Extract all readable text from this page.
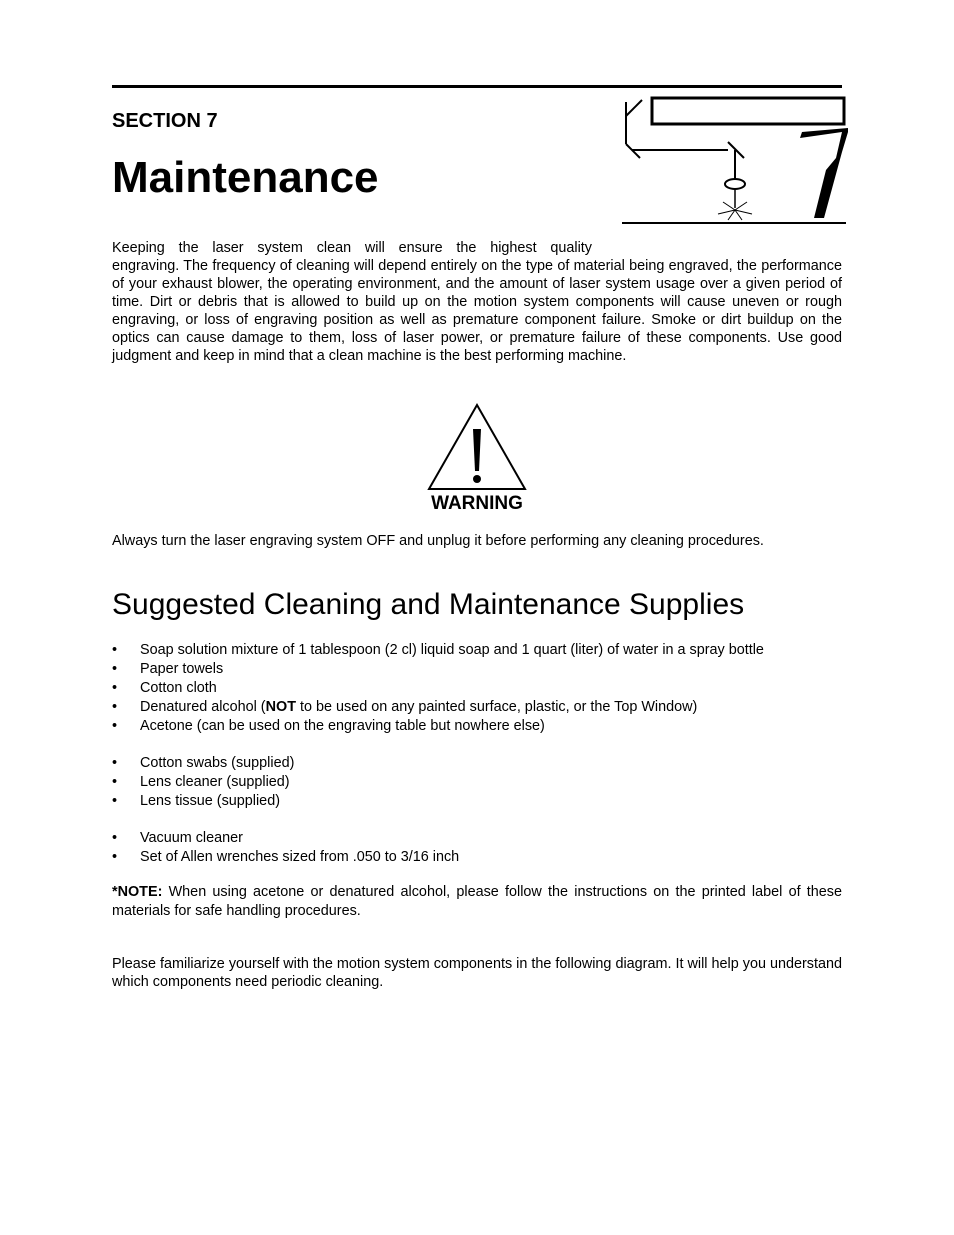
SECTION 7
Maintenance

Keeping the laser system clean will ensure the highest quality

engraving. The frequency of cleaning will depend entirely on the type of material being engraved, the performance of your exhaust blower, the operating environment, and the amount of laser system usage over a given period of time. Dirt or debris that is allowed to build up on the motion system components will cause uneven or rough engraving, or loss of engraving position as well as premature component failure. Smoke or dirt buildup on the optics can cause damage to them, loss of laser power, or premature failure of these components. Use good judgment and keep in mind that a clean machine is the best performing machine.

WARNING

Always turn the laser engraving system OFF and unplug it before performing any cleaning procedures.

Suggested Cleaning and Maintenance Supplies
• Soap solution mixture of 1 tablespoon (2 cl) liquid soap and 1 quart (liter) of water in a spray bottle
• Paper towels
• Cotton cloth
• Denatured alcohol (NOT to be used on any painted surface, plastic, or the Top Window)
• Acetone (can be used on the engraving table but nowhere else)
• Cotton swabs (supplied)
• Lens cleaner (supplied)
• Lens tissue (supplied)
• Vacuum cleaner
• Set of Allen wrenches sized from .050 to 3/16 inch

*NOTE: When using acetone or denatured alcohol, please follow the instructions on the printed label of these materials for safe handling procedures.

Please familiarize yourself with the motion system components in the following diagram. It will help you understand which components need periodic cleaning.
